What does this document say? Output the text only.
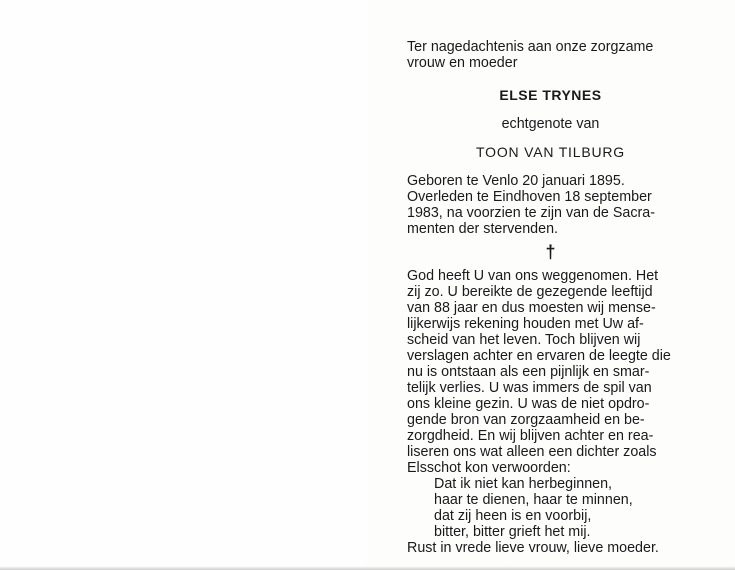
Ter nagedachtenis aan onze zorgzame

vrouw en moeder

ELSE TRYNES

echtgenote van

TOON VAN TILBURG

Geboren te Venlo 20 januari 1895.

Overleden te Eindhoven 18 september

1983, na voorzien te zijn van de Sacra-

menten der stervenden.

†

God heeft U van ons weggenomen. Het

zij zo. U bereikte de gezegende leeftijd

van 88 jaar en dus moesten wij mense-

lijkerwijs rekening houden met Uw af-

scheid van het leven. Toch blijven wij

verslagen achter en ervaren de leegte die

nu is ontstaan als een pijnlijk en smar-

telijk verlies. U was immers de spil van

ons kleine gezin. U was de niet opdro-

gende bron van zorgzaamheid en be-

zorgdheid. En wij blijven achter en rea-

liseren ons wat alleen een dichter zoals

Elsschot kon verwoorden:

Dat ik niet kan herbeginnen,

haar te dienen, haar te minnen,

dat zij heen is en voorbij,

bitter, bitter grieft het mij.

Rust in vrede lieve vrouw, lieve moeder.
